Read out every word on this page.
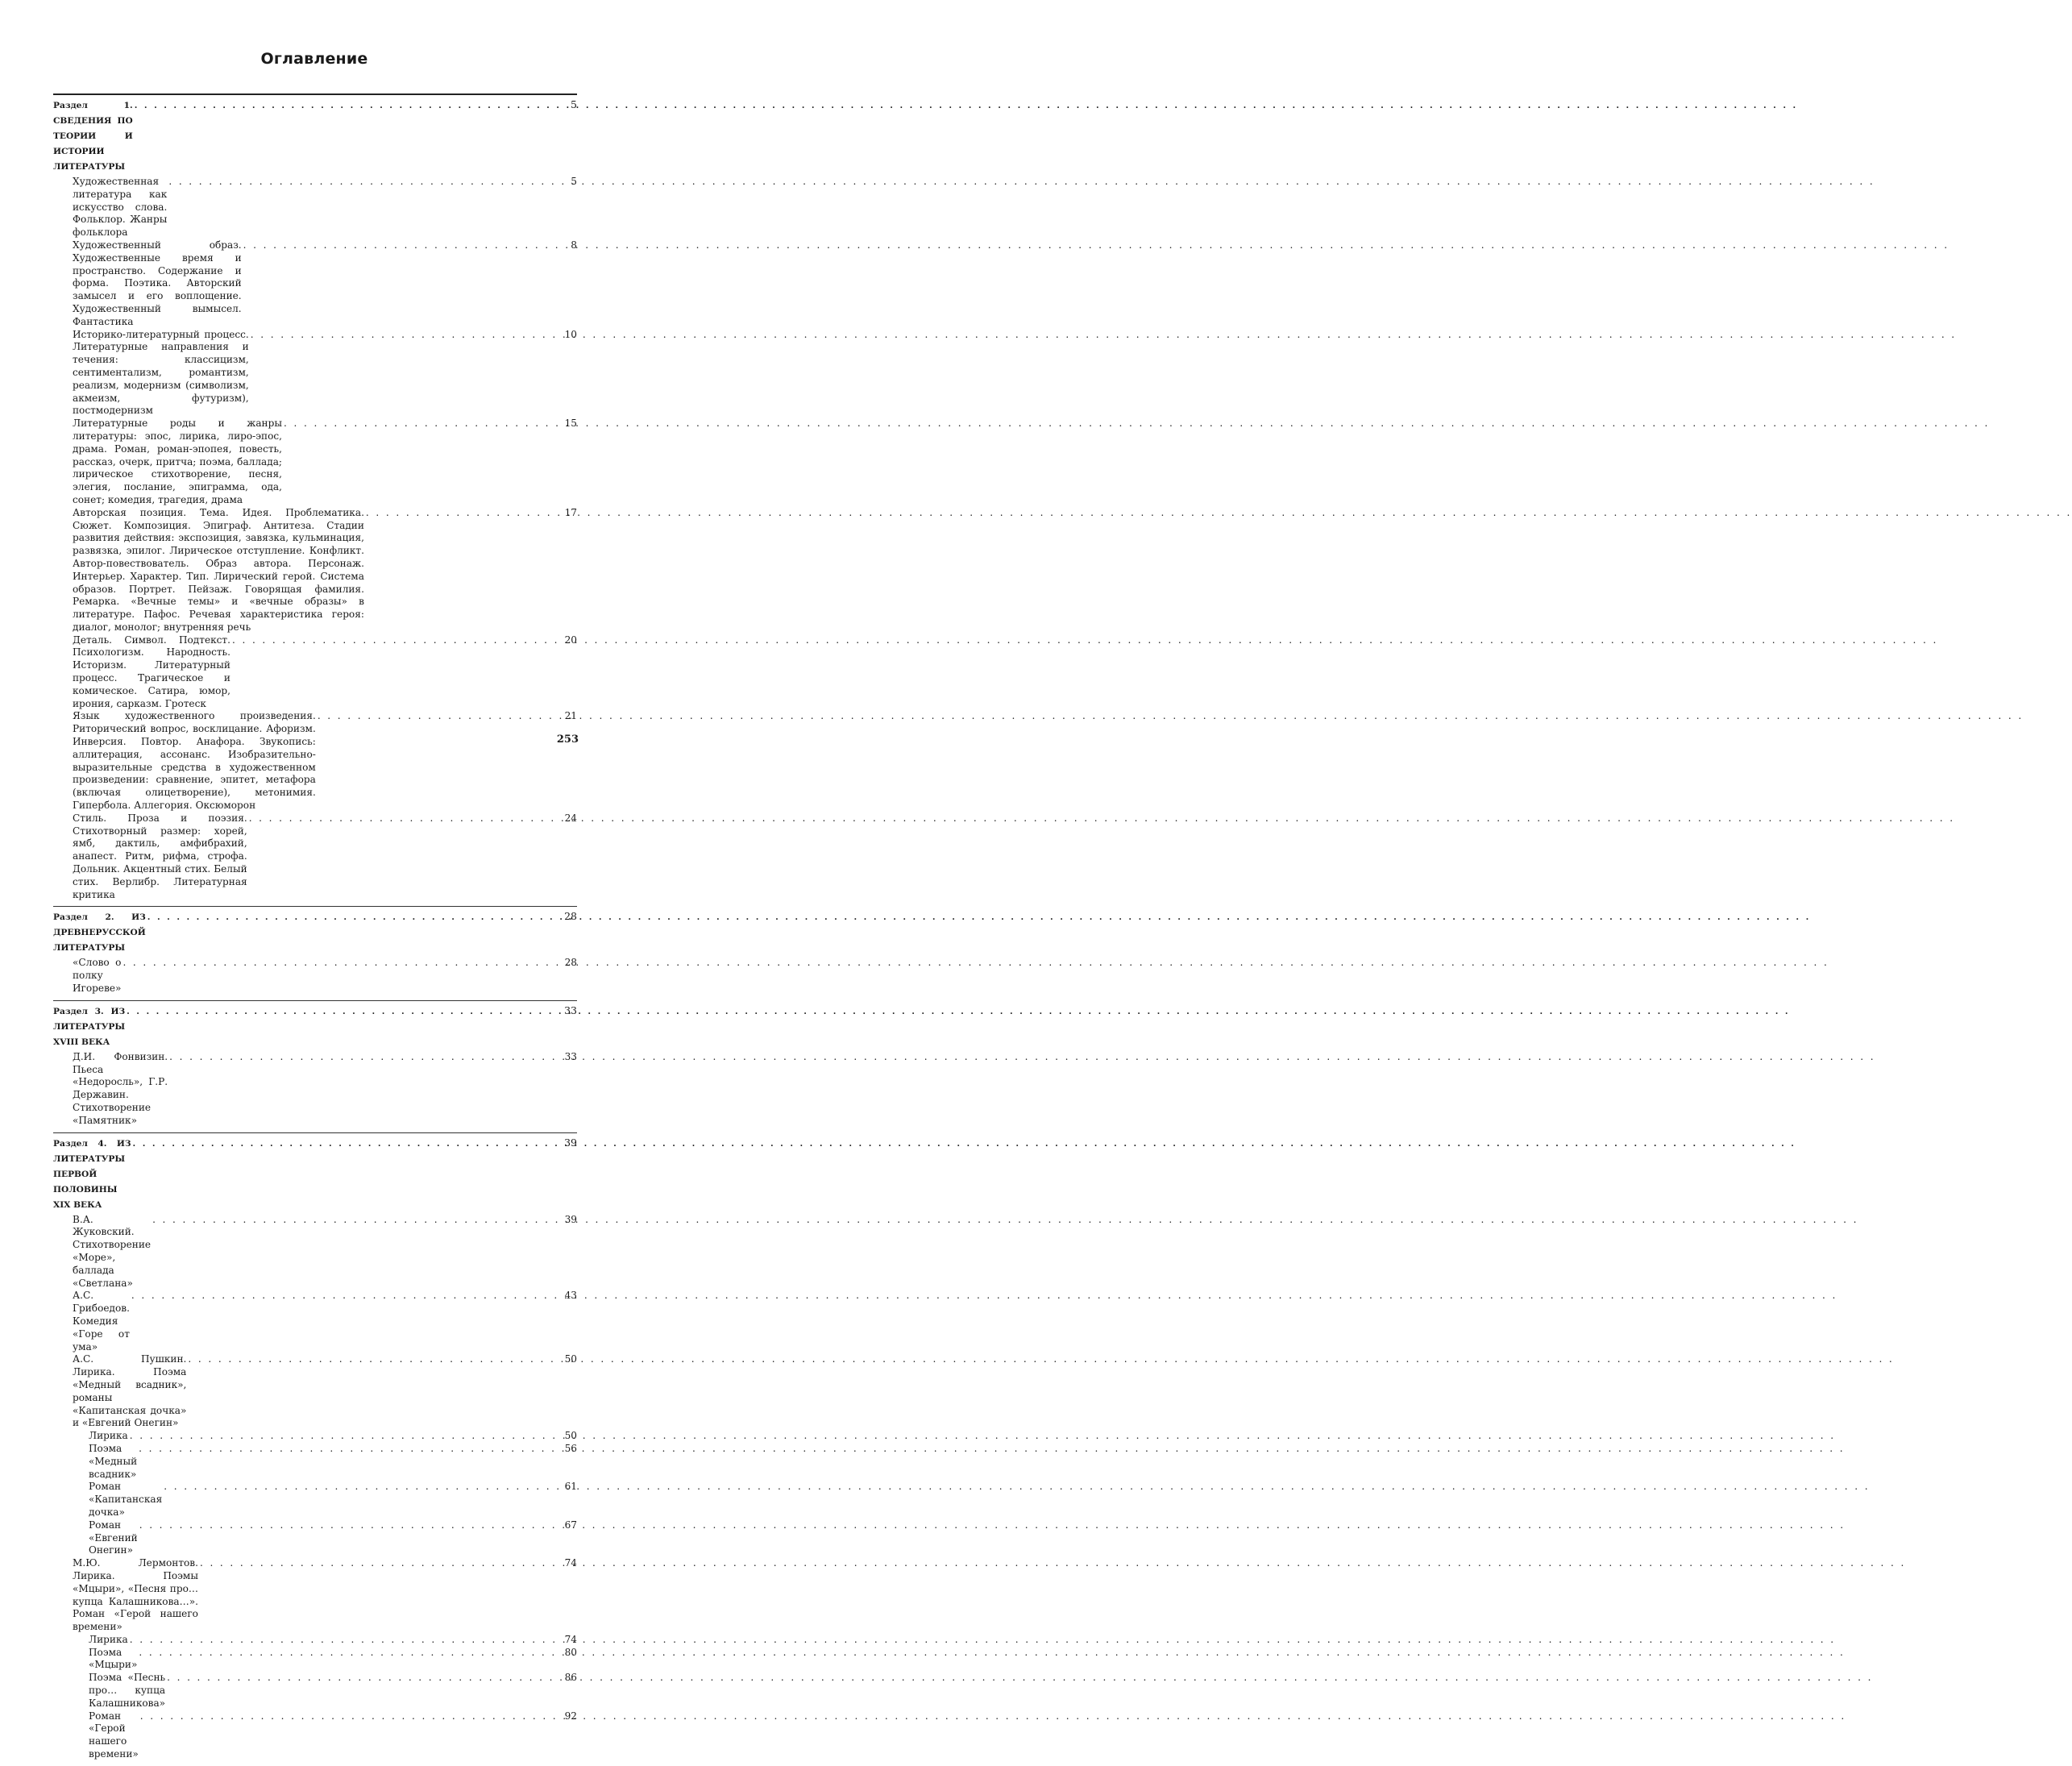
Оглавление
Раздел 1. СВЕДЕНИЯ ПО ТЕОРИИ И ИСТОРИИ ЛИТЕРАТУРЫ
. . .
5
Художественная литература как искусство слова. Фольклор. Жанры фольклора
. . .
5
Художественный образ. Художественные время и пространство. Содержание и форма. Поэтика. Авторский замысел и его воплощение. Художественный вымысел. Фантастика
. . .
8
Историко-литературный процесс. Литературные направления и течения: классицизм, сентиментализм, романтизм, реализм, модернизм (символизм, акмеизм, футуризм), постмодернизм
. . .
10
Литературные роды и жанры литературы: эпос, лирика, лиро-эпос, драма. Роман, роман-эпопея, повесть, рассказ, очерк, притча; поэма, баллада; лирическое стихотворение, песня, элегия, послание, эпиграмма, ода, сонет; комедия, трагедия, драма
. . .
15
Авторская позиция. Тема. Идея. Проблематика. Сюжет. Композиция. Эпиграф. Антитеза. Стадии развития действия: экспозиция, завязка, кульминация, развязка, эпилог. Лирическое отступление. Конфликт. Автор-повествователь. Образ автора. Персонаж. Интерьер. Характер. Тип. Лирический герой. Система образов. Портрет. Пейзаж. Говорящая фамилия. Ремарка. «Вечные темы» и «вечные образы» в литературе. Пафос. Речевая характеристика героя: диалог, монолог; внутренняя речь
. . .
17
Деталь. Символ. Подтекст. Психологизм. Народность. Историзм. Литературный процесс. Трагическое и комическое. Сатира, юмор, ирония, сарказм. Гротеск
. . .
20
Язык художественного произведения. Риторический вопрос, восклицание. Афоризм. Инверсия. Повтор. Анафора. Звукопись: аллитерация, ассонанс. Изобразительно-выразительные средства в художественном произведении: сравнение, эпитет, метафора (включая олицетворение), метонимия. Гипербола. Аллегория. Оксюморон
. . .
21
Стиль. Проза и поэзия. Стихотворный размер: хорей, ямб, дактиль, амфибрахий, анапест. Ритм, рифма, строфа. Дольник. Акцентный стих. Белый стих. Верлибр. Литературная критика
. . .
24
Раздел 2. ИЗ ДРЕВНЕРУССКОЙ ЛИТЕРАТУРЫ
. . .
28
«Слово о полку Игореве»
. . .
28
Раздел 3. ИЗ ЛИТЕРАТУРЫ XVIII ВЕКА
. . .
33
Д.И. Фонвизин. Пьеса «Недоросль», Г.Р. Державин. Стихотворение «Памятник»
. . .
33
Раздел 4. ИЗ ЛИТЕРАТУРЫ ПЕРВОЙ ПОЛОВИНЫ XIX ВЕКА
. . .
39
В.А. Жуковский. Стихотворение «Море», баллада «Светлана»
. . .
39
А.С. Грибоедов. Комедия «Горе от ума»
. . .
43
А.С. Пушкин. Лирика. Поэма «Медный всадник», романы «Капитанская дочка» и «Евгений Онегин»
. . .
50
Лирика . . .	50
Поэма «Медный всадник»
. . .
56
Роман «Капитанская дочка»
. . .
61
Роман «Евгений Онегин»
. . .
67
М.Ю. Лермонтов. Лирика. Поэмы «Мцыри», «Песня про… купца Калашникова…». Роман «Герой нашего времени»
. . .
74
Лирика . . .	74
Поэма «Мцыри»
. . .
80
Поэма «Песнь про… купца Калашникова»
. . .
86
Роман «Герой нашего времени»
. . .
92
253
